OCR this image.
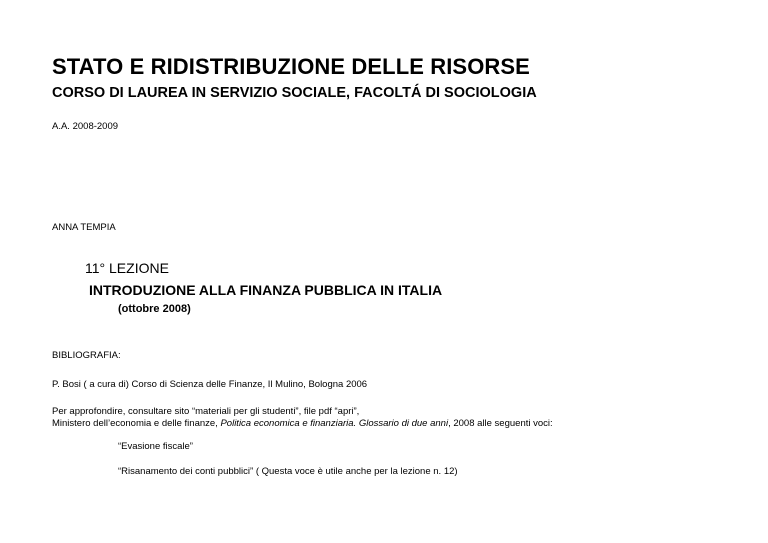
STATO E RIDISTRIBUZIONE DELLE RISORSE
CORSO DI LAUREA IN SERVIZIO SOCIALE, FACOLTÁ DI SOCIOLOGIA
A.A. 2008-2009
ANNA TEMPIA
11° LEZIONE
INTRODUZIONE ALLA FINANZA PUBBLICA IN ITALIA
(ottobre 2008)
BIBLIOGRAFIA:
P. Bosi ( a cura di) Corso di Scienza delle Finanze, Il Mulino, Bologna 2006
Per approfondire, consultare sito “materiali per gli studenti”, file pdf “apri”,
Ministero dell’economia e delle finanze, Politica economica e finanziaria. Glossario di due anni, 2008 alle seguenti voci:
“Evasione fiscale”
“Risanamento dei conti pubblici” ( Questa voce è utile anche per la lezione n. 12)
